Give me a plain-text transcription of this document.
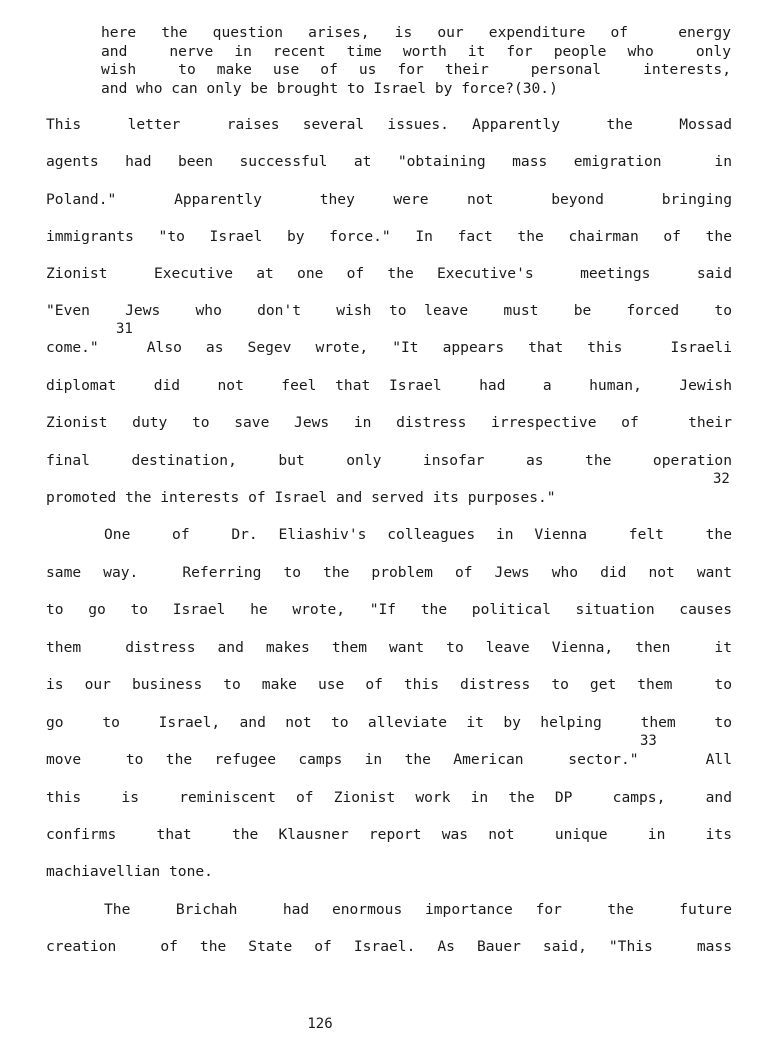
here the question arises, is our expenditure of  energy
and  nerve in recent time worth it for people who  only
wish  to make use of us for their  personal  interests,
and who can only be brought to Israel by force?(30.)
This  letter  raises several issues. Apparently  the  Mossad
agents had been successful at "obtaining mass emigration  in
Poland."   Apparently   they  were  not   beyond   bringing
immigrants "to Israel by force." In fact the chairman of the
Zionist  Executive at one of the Executive's  meetings  said
"Even  Jews  who  don't  wish to leave  must  be  forced  to
come."  Also as Segev wrote, "It appears that this  Israeli
diplomat  did  not  feel that Israel  had  a  human,  Jewish
Zionist duty to save Jews in distress irrespective of  their
final  destination,  but  only  insofar  as  the  operation
promoted the interests of Israel and served its purposes."
One  of  Dr. Eliashiv's colleagues in Vienna  felt  the
same way.  Referring to the problem of Jews who did not want
to go to Israel he wrote, "If the political situation causes
them  distress and makes them want to leave Vienna, then  it
is our business to make use of this distress to get them  to
go  to  Israel, and not to alleviate it by helping  them  to
move  to the refugee camps in the American  sector."   All
this  is  reminiscent of Zionist work in the DP  camps,  and
confirms  that  the Klausner report was not  unique  in  its
machiavellian tone.
The  Brichah  had enormous importance for  the  future
creation  of the State of Israel. As Bauer said, "This  mass
31
32
33
126
